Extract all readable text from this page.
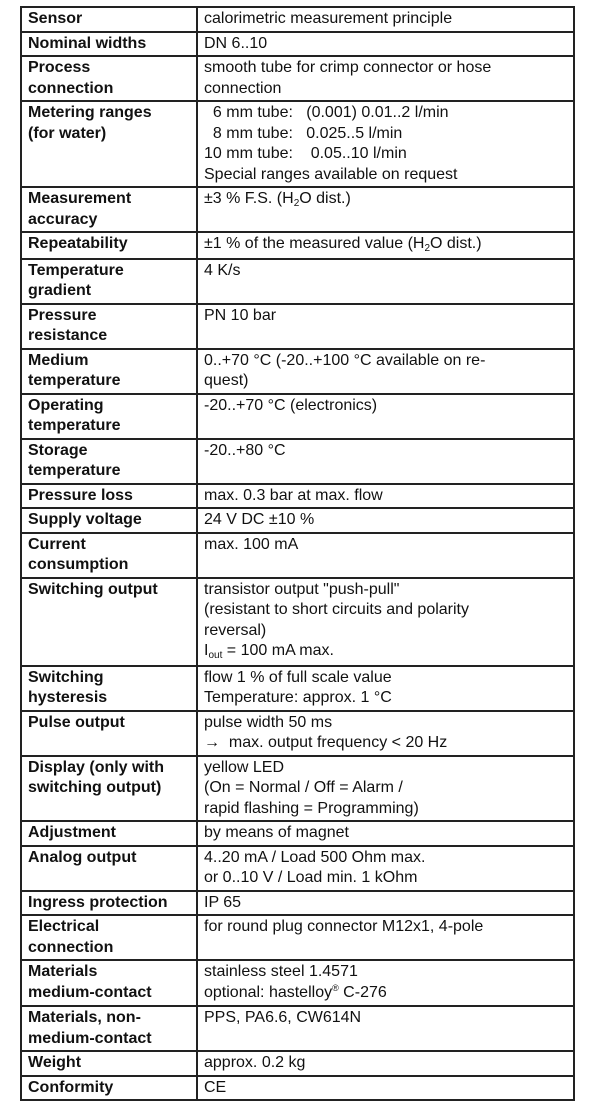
Sensor	calorimetric measurement principle

Nominal widths	DN 6..10

Process
connection	smooth tube for crimp connector or hose
connection

Metering ranges
(for water)	6 mm tube:   (0.001) 0.01..2 l/min
8 mm tube:   0.025..5 l/min
10 mm tube:    0.05..10 l/min
Special ranges available on request

Measurement
accuracy	±3 % F.S. (H2O dist.)

Repeatability	±1 % of the measured value (H2O dist.)

Temperature
gradient	4 K/s

Pressure
resistance	PN 10 bar

Medium
temperature	0..+70 °C (-20..+100 °C available on re-
quest)

Operating
temperature	-20..+70 °C (electronics)

Storage
temperature	-20..+80 °C

Pressure loss	max. 0.3 bar at max. flow

Supply voltage	24 V DC ±10 %

Current
consumption	max. 100 mA

Switching output	transistor output "push-pull"
(resistant to short circuits and polarity
reversal)
Iout = 100 mA max.

Switching
hysteresis	flow 1 % of full scale value
Temperature: approx. 1 °C

Pulse output	pulse width 50 ms
→  max. output frequency < 20 Hz

Display (only with
switching output)	yellow LED
(On = Normal / Off = Alarm /
rapid flashing = Programming)

Adjustment	by means of magnet

Analog output	4..20 mA / Load 500 Ohm max.
or 0..10 V / Load min. 1 kOhm

Ingress protection	IP 65

Electrical
connection	for round plug connector M12x1, 4-pole

Materials
medium-contact	stainless steel 1.4571
optional: hastelloy® C-276

Materials, non-
medium-contact	PPS, PA6.6, CW614N

Weight	approx. 0.2 kg

Conformity	CE
